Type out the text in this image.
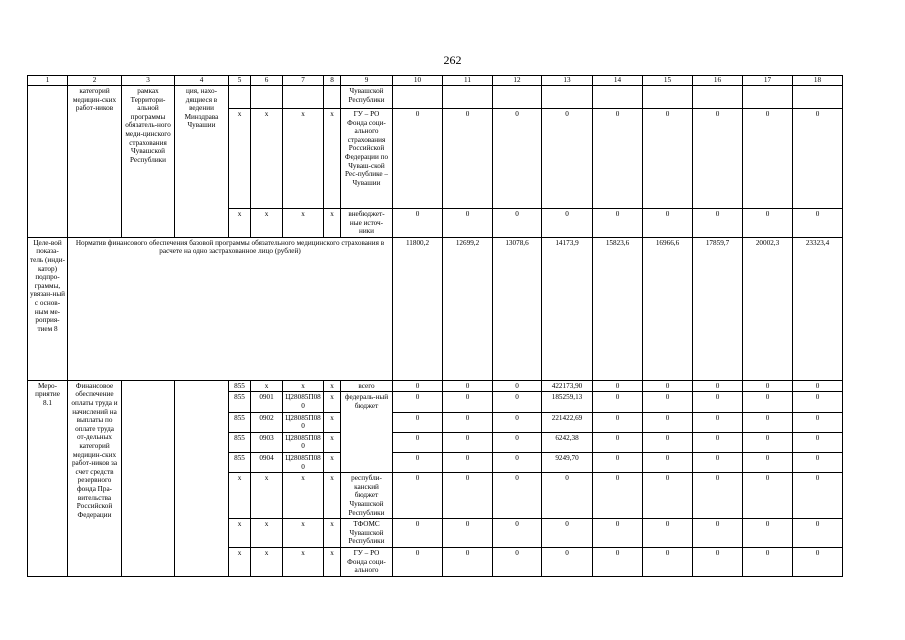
262
1	2	3	4	5	6	7	8	9	10	11	12	13	14	15	16	17	18
	категорий медицин-ских работ-ников	рамках Территори-альной программы обязатель-ного меди-цинского страхования Чувашской Республики	ция, нахо-дящиеся в ведении Минздрава Чувашии					Чувашской Республики									
				x	x	x	x	ГУ – РО Фонда соци-ального страхования Российской Федерации по Чуваш-ской Рес-публике – Чувашии	0	0	0	0	0	0	0	0	0
				x	x	x	x	внебюджет-ные источ-ники	0	0	0	0	0	0	0	0	0
Целе-вой показа-тель (инди-катор) подпро-граммы, увязан-ный с основ-ным ме-роприя-тием 8	Норматив финансового обеспечения базовой программы обязательного медицинского страхования в расчете на одно застрахованное лицо (рублей)								11800,2	12699,2	13078,6	14173,9	15823,6	16966,6	17859,7	20002,3	23323,4
Меро-приятие 8.1	Финансовое обеспечение оплаты труда и начислений на выплаты по оплате труда от-дельных категорий медицин-ских работ-ников за счет средств резервного фонда Пра-вительства Российской Федерации			855	x	x	x	всего	0	0	0	422173,90	0	0	0	0	0
				855	0901	Ц28085П080	x	федераль-ный бюджет	0	0	0	185259,13	0	0	0	0	0
				855	0902	Ц28085П080	x		0	0	0	221422,69	0	0	0	0	0
				855	0903	Ц28085П080	x		0	0	0	6242,38	0	0	0	0	0
				855	0904	Ц28085П080	x		0	0	0	9249,70	0	0	0	0	0
				x	x	x	x	республи-канский бюджет Чувашской Республики	0	0	0	0	0	0	0	0	0
				x	x	x	x	ТФОМС Чувашской Республики	0	0	0	0	0	0	0	0	0
				x	x	x	x	ГУ – РО Фонда соци-ального	0	0	0	0	0	0	0	0	0
